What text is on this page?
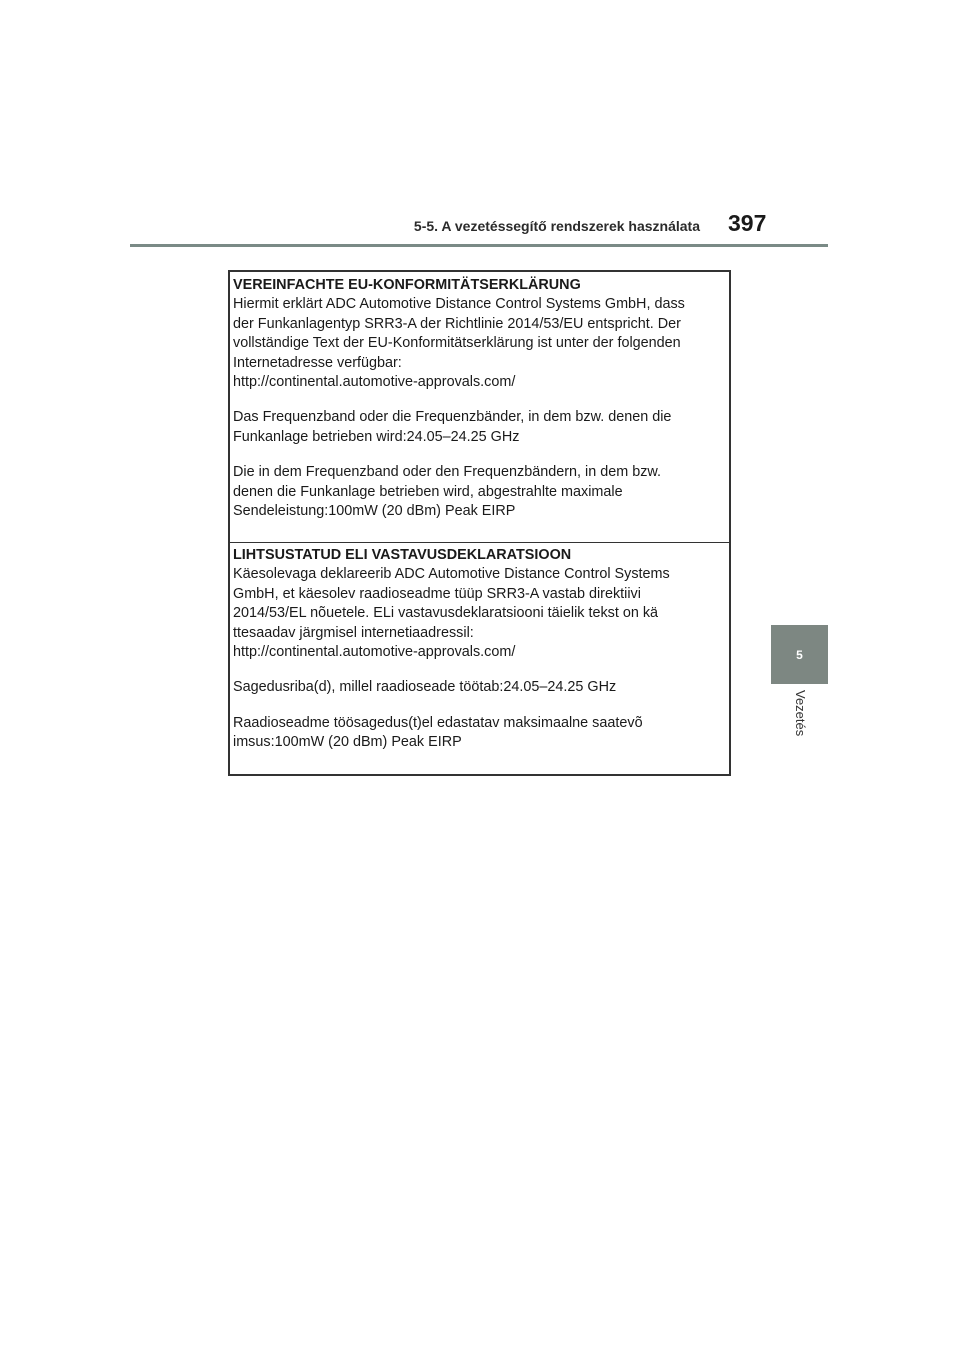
5-5. A vezetéssegítő rendszerek használata 397
5
Vezetés
VEREINFACHTE EU-KONFORMITÄTSERKLÄRUNG

Hiermit erklärt ADC Automotive Distance Control Systems GmbH, dass
der Funkanlagentyp SRR3-A der Richtlinie 2014/53/EU entspricht. Der
vollständige Text der EU-Konformitätserklärung ist unter der folgenden
Internetadresse verfügbar:
http://continental.automotive-approvals.com/

Das Frequenzband oder die Frequenzbänder, in dem bzw. denen die
Funkanlage betrieben wird:24.05–24.25 GHz

Die in dem Frequenzband oder den Frequenzbändern, in dem bzw.
denen die Funkanlage betrieben wird, abgestrahlte maximale
Sendeleistung:100mW (20 dBm) Peak EIRP

LIHTSUSTATUD ELI VASTAVUSDEKLARATSIOON

Käesolevaga deklareerib ADC Automotive Distance Control Systems
GmbH, et käesolev raadioseadme tüüp SRR3-A vastab direktiivi
2014/53/EL nõuetele. ELi vastavusdeklaratsiooni täielik tekst on kä
ttesaadav järgmisel internetiaadressil:
http://continental.automotive-approvals.com/

Sagedusriba(d), millel raadioseade töötab:24.05–24.25 GHz

Raadioseadme töösagedus(t)el edastatav maksimaalne saatevõ
imsus:100mW (20 dBm) Peak EIRP
